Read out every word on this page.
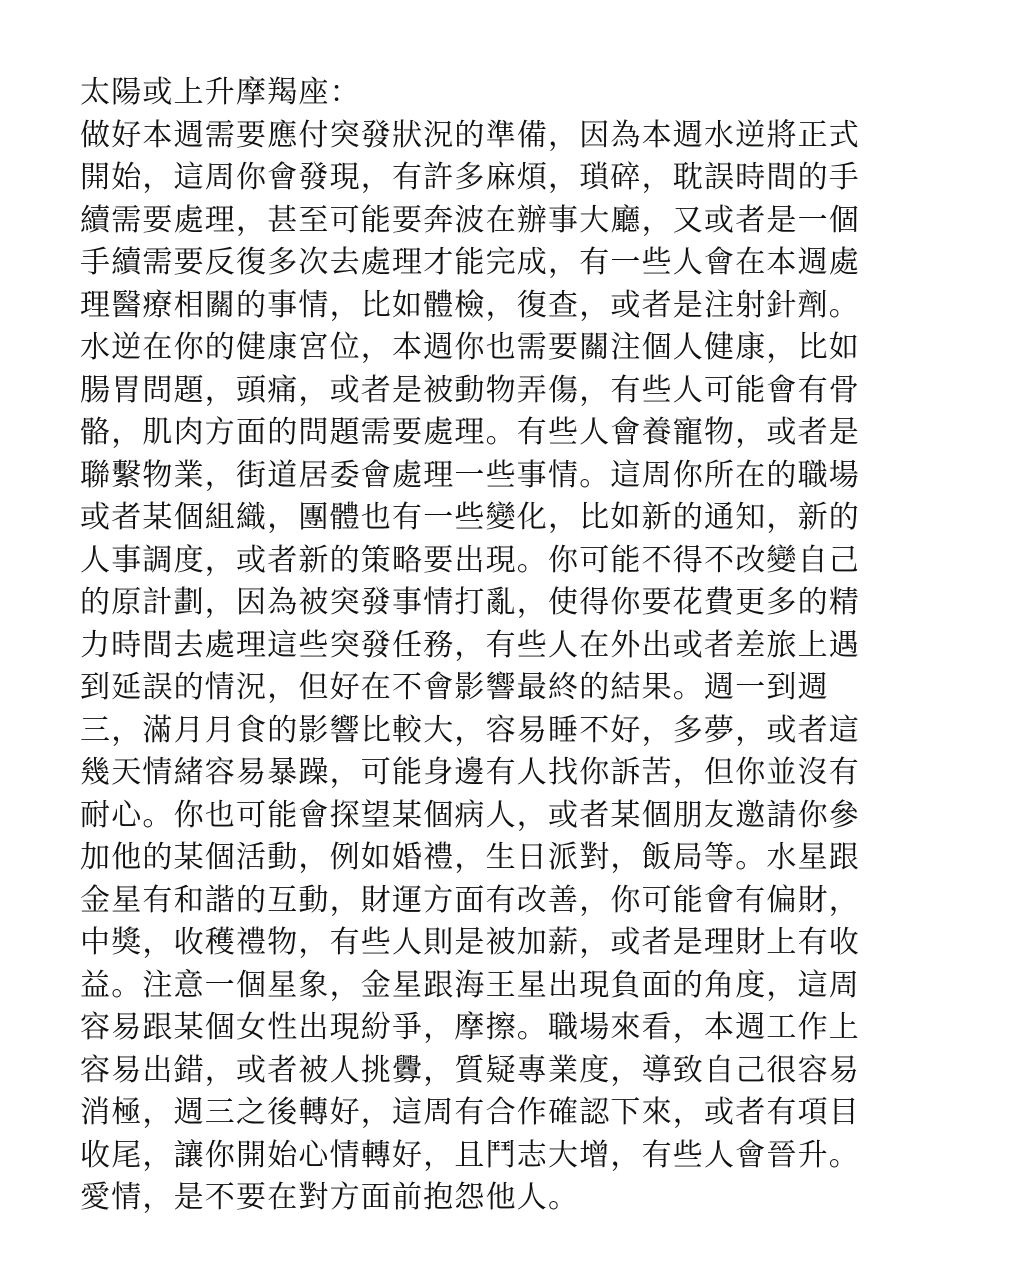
太陽或上升摩羯座：
做好本週需要應付突發狀況的準備，因為本週水逆將正式
開始，這周你會發現，有許多麻煩，瑣碎，耽誤時間的手
續需要處理，甚至可能要奔波在辦事大廳，又或者是一個
手續需要反復多次去處理才能完成，有一些人會在本週處
理醫療相關的事情，比如體檢，復查，或者是注射針劑。
水逆在你的健康宮位，本週你也需要關注個人健康，比如
腸胃問題，頭痛，或者是被動物弄傷，有些人可能會有骨
骼，肌肉方面的問題需要處理。有些人會養寵物，或者是
聯繫物業，街道居委會處理一些事情。這周你所在的職場
或者某個組織，團體也有一些變化，比如新的通知，新的
人事調度，或者新的策略要出現。你可能不得不改變自己
的原計劃，因為被突發事情打亂，使得你要花費更多的精
力時間去處理這些突發任務，有些人在外出或者差旅上遇
到延誤的情況，但好在不會影響最終的結果。週一到週
三，滿月月食的影響比較大，容易睡不好，多夢，或者這
幾天情緒容易暴躁，可能身邊有人找你訴苦，但你並沒有
耐心。你也可能會探望某個病人，或者某個朋友邀請你參
加他的某個活動，例如婚禮，生日派對，飯局等。水星跟
金星有和諧的互動，財運方面有改善，你可能會有偏財，
中獎，收穫禮物，有些人則是被加薪，或者是理財上有收
益。注意一個星象，金星跟海王星出現負面的角度，這周
容易跟某個女性出現紛爭，摩擦。職場來看，本週工作上
容易出錯，或者被人挑釁，質疑專業度，導致自己很容易
消極，週三之後轉好，這周有合作確認下來，或者有項目
收尾，讓你開始心情轉好，且鬥志大增，有些人會晉升。
愛情，是不要在對方面前抱怨他人。
